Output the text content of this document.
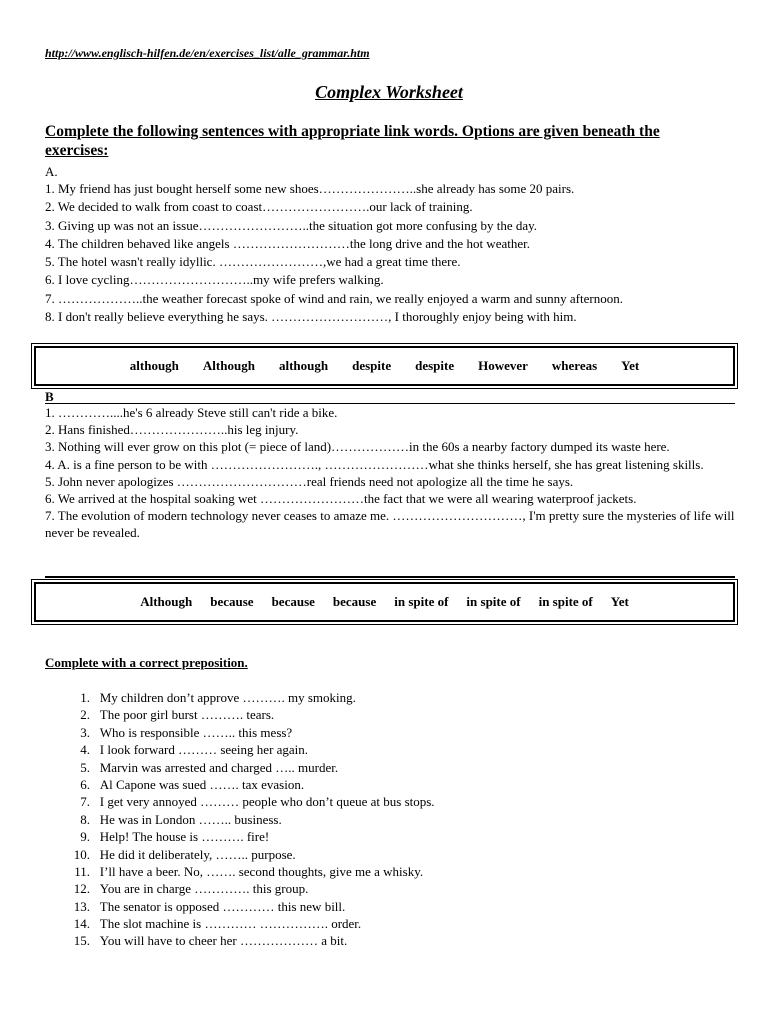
http://www.englisch-hilfen.de/en/exercises_list/alle_grammar.htm
Complex Worksheet
Complete the following sentences with appropriate link words. Options are given beneath the exercises:
A.
1. My friend has just bought herself some new shoes…………………..she already has some 20 pairs.
2. We decided to walk from coast to coast…………………….our lack of training.
3. Giving up was not an issue……………………..the situation got more confusing by the day.
4. The children behaved like angels ………………………the long drive and the hot weather.
5. The hotel wasn't really idyllic. ……………………,we had a great time there.
6. I love cycling………………………..my wife prefers walking.
7. ………………..the weather forecast spoke of wind and rain, we really enjoyed a warm and sunny afternoon.
8. I don't really believe everything he says. ………………………, I thoroughly enjoy being with him.
although Although although despite despite However whereas Yet
B
1. …………....he's 6 already Steve still can't ride a bike.
2. Hans finished…………………..his leg injury.
3. Nothing will ever grow on this plot (= piece of land)………………in the 60s a nearby factory dumped its waste here.
4. A. is a fine person to be with ……………………., ……………………what she thinks herself, she has great listening skills.
5. John never apologizes …………………………real friends need not apologize all the time he says.
6. We arrived at the hospital soaking wet ……………………the fact that we were all wearing waterproof jackets.
7. The evolution of modern technology never ceases to amaze me. …………………………, I'm pretty sure the mysteries of life will never be revealed.
Although because because because in spite of in spite of in spite of Yet
Complete with a correct preposition.
1. My children don’t approve ………. my smoking.
2. The poor girl burst ………. tears.
3. Who is responsible …….. this mess?
4. I look forward ……… seeing her again.
5. Marvin was arrested and charged ….. murder.
6. Al Capone was sued ……. tax evasion.
7. I get very annoyed ……… people who don’t queue at bus stops.
8. He was in London …….. business.
9. Help! The house is ………. fire!
10. He did it deliberately, …….. purpose.
11. I’ll have a beer. No, ……. second thoughts, give me a whisky.
12. You are in charge …………. this group.
13. The senator is opposed ………… this new bill.
14. The slot machine is ………… ……………. order.
15. You will have to cheer her ……………… a bit.
